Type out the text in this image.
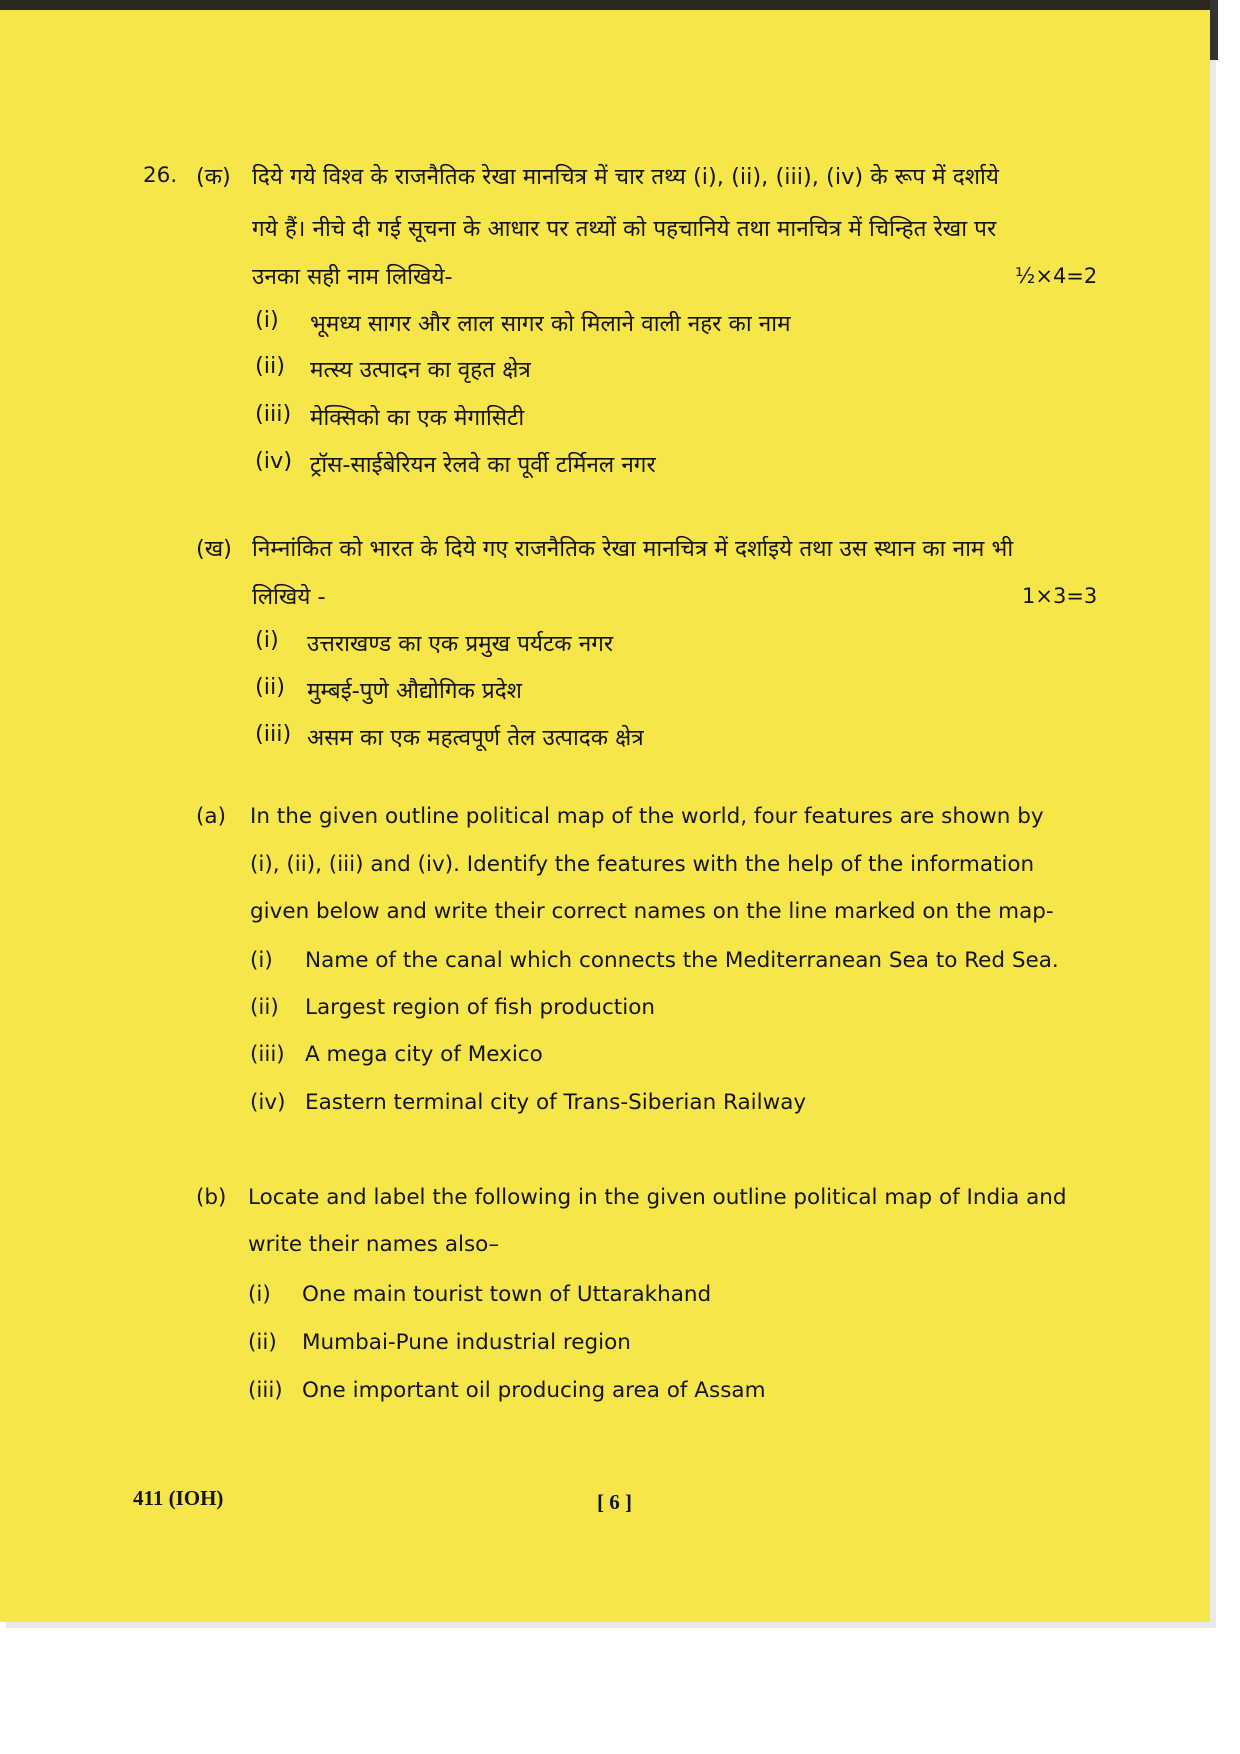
26. (क) दिये गये विश्व के राजनैतिक रेखा मानचित्र में चार तथ्य (i), (ii), (iii), (iv) के रूप में दर्शाये
गये हैं। नीचे दी गई सूचना के आधार पर तथ्यों को पहचानिये तथा मानचित्र में चिन्हित रेखा पर
उनका सही नाम लिखिये-	½×4=2
(i) भूमध्य सागर और लाल सागर को मिलाने वाली नहर का नाम
(ii) मत्स्य उत्पादन का वृहत क्षेत्र
(iii) मेक्सिको का एक मेगासिटी
(iv) ट्रॉस-साईबेरियन रेलवे का पूर्वी टर्मिनल नगर
(ख) निम्नांकित को भारत के दिये गए राजनैतिक रेखा मानचित्र में दर्शाइये तथा उस स्थान का नाम भी
लिखिये -	1×3=3
(i) उत्तराखण्ड का एक प्रमुख पर्यटक नगर
(ii) मुम्बई-पुणे औद्योगिक प्रदेश
(iii) असम का एक महत्वपूर्ण तेल उत्पादक क्षेत्र
(a) In the given outline political map of the world, four features are shown by
(i), (ii), (iii) and (iv). Identify the features with the help of the information
given below and write their correct names on the line marked on the map-
(i) Name of the canal which connects the Mediterranean Sea to Red Sea.
(ii) Largest region of fish production
(iii) A mega city of Mexico
(iv) Eastern terminal city of Trans-Siberian Railway
(b) Locate and label the following in the given outline political map of India and
write their names also–
(i) One main tourist town of Uttarakhand
(ii) Mumbai-Pune industrial region
(iii) One important oil producing area of Assam
411 (IOH)	[ 6 ]
